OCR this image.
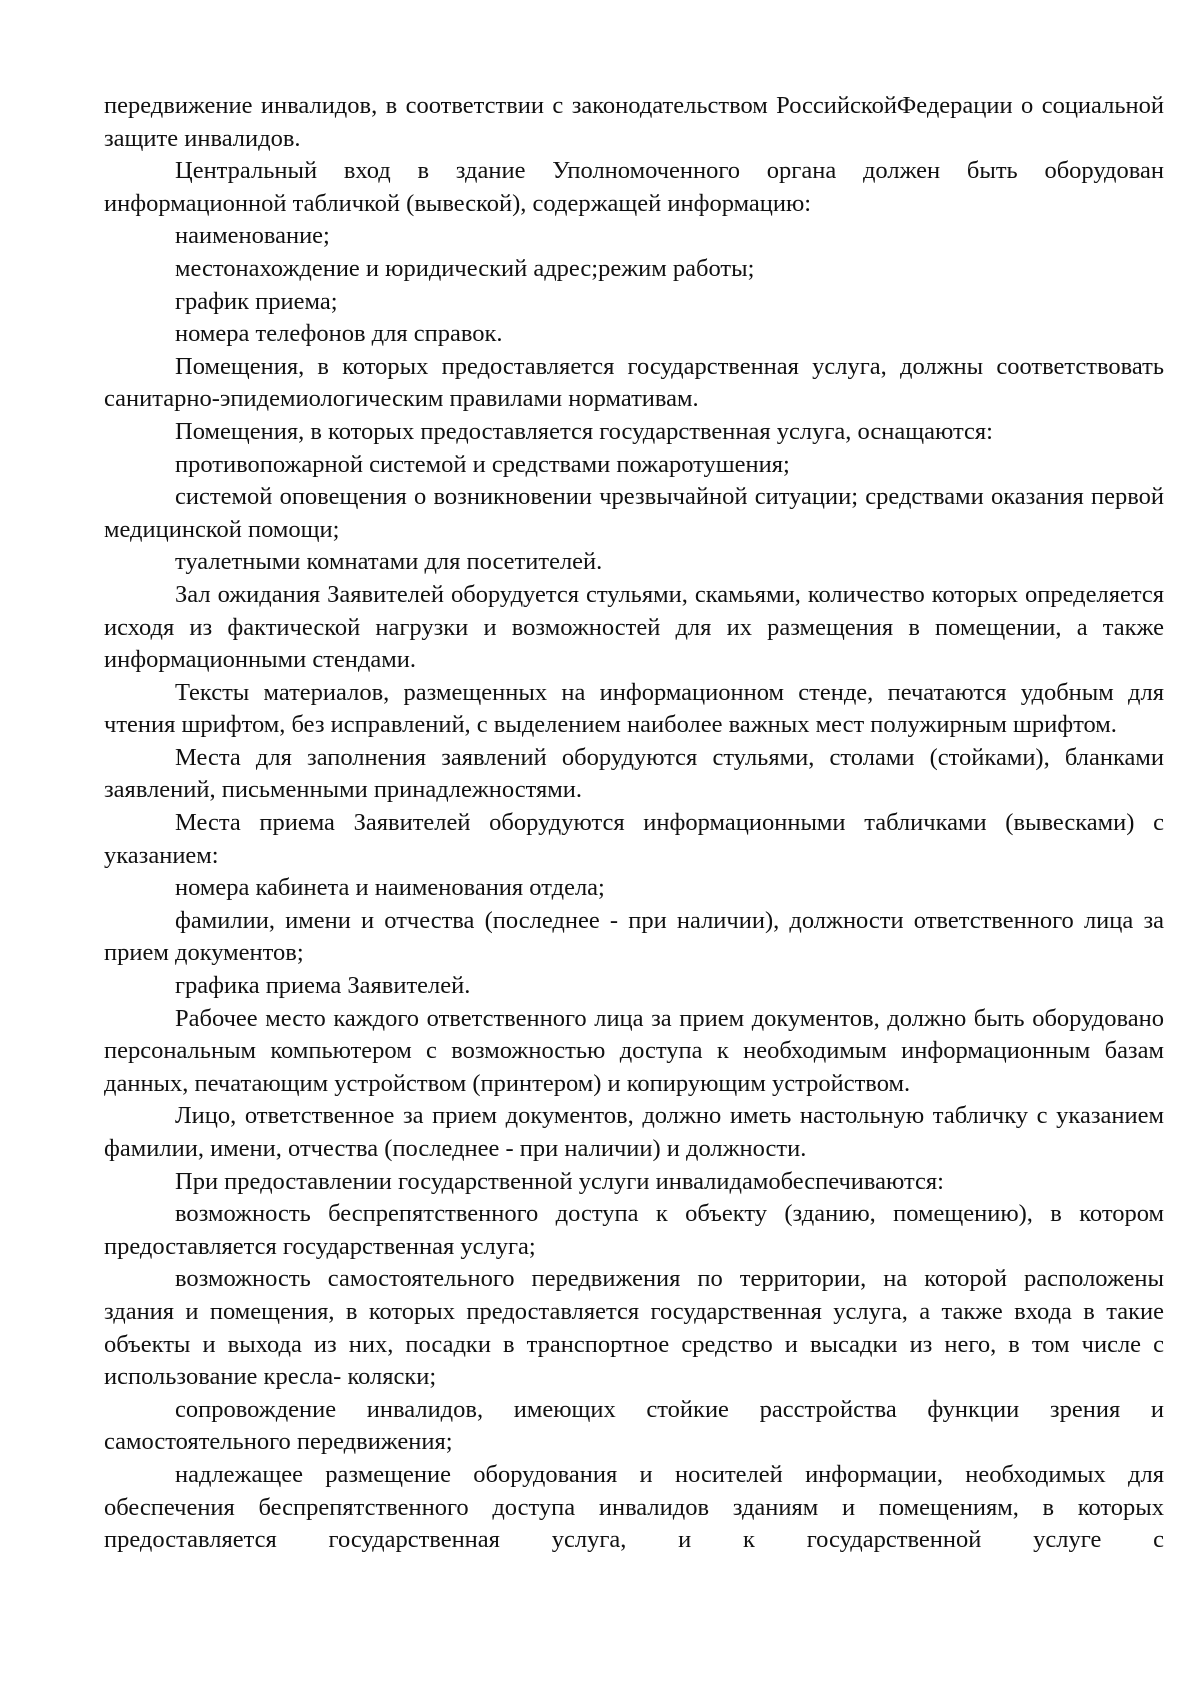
передвижение инвалидов, в соответствии с законодательством РоссийскойФедерации о социальной защите инвалидов.

Центральный вход в здание Уполномоченного органа должен быть оборудован информационной табличкой (вывеской), содержащей информацию:

наименование;

местонахождение и юридический адрес;режим работы;

график приема;

номера телефонов для справок.

Помещения, в которых предоставляется государственная услуга, должны соответствовать санитарно-эпидемиологическим правилами нормативам.

Помещения, в которых предоставляется государственная услуга, оснащаются:

противопожарной системой и средствами пожаротушения;

системой оповещения о возникновении чрезвычайной ситуации; средствами оказания первой медицинской помощи;

туалетными комнатами для посетителей.

Зал ожидания Заявителей оборудуется стульями, скамьями, количество которых определяется исходя из фактической нагрузки и возможностей для их размещения в помещении, а также информационными стендами.

Тексты материалов, размещенных на информационном стенде, печатаются удобным для чтения шрифтом, без исправлений, с выделением наиболее важных мест полужирным шрифтом.

Места для заполнения заявлений оборудуются стульями, столами (стойками), бланками заявлений, письменными принадлежностями.

Места приема Заявителей оборудуются информационными табличками (вывесками) с указанием:

номера кабинета и наименования отдела;

фамилии, имени и отчества (последнее - при наличии), должности ответственного лица за прием документов;

графика приема Заявителей.

Рабочее место каждого ответственного лица за прием документов, должно быть оборудовано персональным компьютером с возможностью доступа к необходимым информационным базам данных, печатающим устройством (принтером) и копирующим устройством.

Лицо, ответственное за прием документов, должно иметь настольную табличку с указанием фамилии, имени, отчества (последнее - при наличии) и должности.

При предоставлении государственной услуги инвалидамобеспечиваются:

возможность беспрепятственного доступа к объекту (зданию, помещению), в котором предоставляется государственная услуга;

возможность самостоятельного передвижения по территории, на которой расположены здания и помещения, в которых предоставляется государственная услуга, а также входа в такие объекты и выхода из них, посадки в транспортное средство и высадки из него, в том числе с использование кресла- коляски;

сопровождение инвалидов, имеющих стойкие расстройства функции зрения и самостоятельного передвижения;

надлежащее размещение оборудования и носителей информации, необходимых для обеспечения беспрепятственного доступа инвалидов зданиям и помещениям, в которых предоставляется государственная услуга, и к государственной услуге с
